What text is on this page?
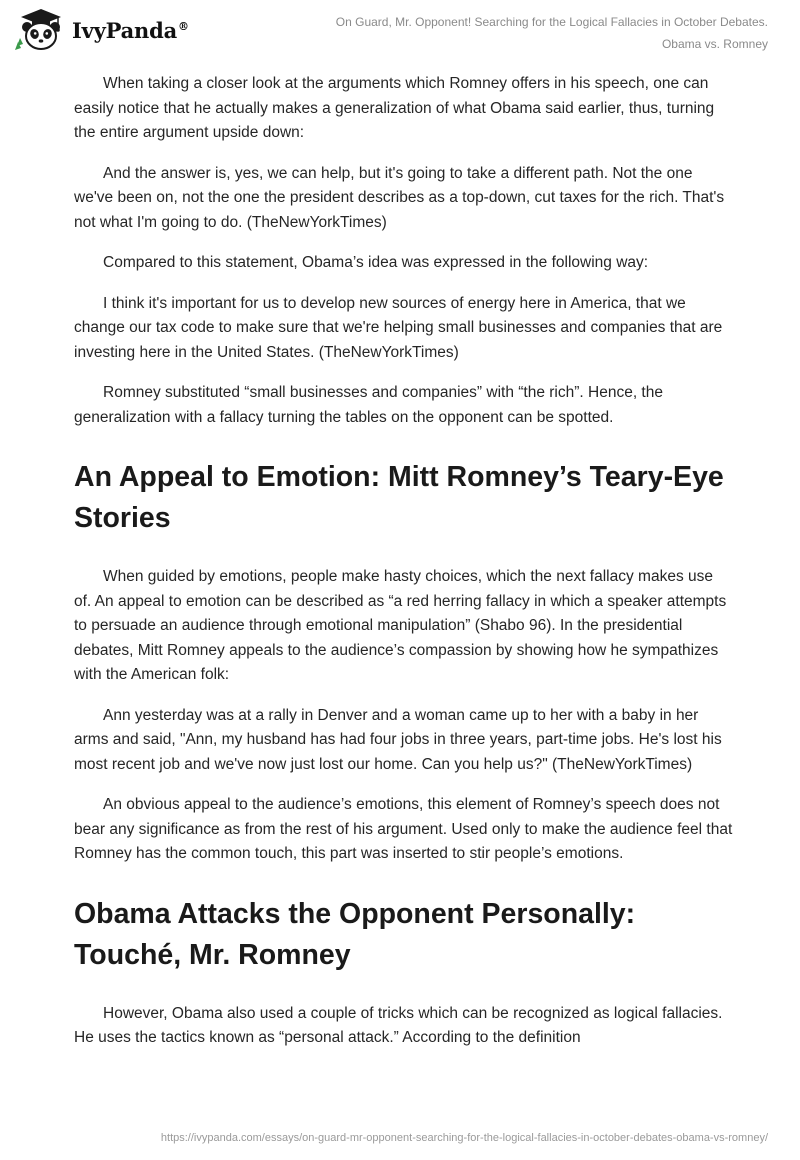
IvyPanda®	On Guard, Mr. Opponent! Searching for the Logical Fallacies in October Debates. Obama vs. Romney

When taking a closer look at the arguments which Romney offers in his speech, one can easily notice that he actually makes a generalization of what Obama said earlier, thus, turning the entire argument upside down:

And the answer is, yes, we can help, but it's going to take a different path. Not the one we've been on, not the one the president describes as a top-down, cut taxes for the rich. That's not what I'm going to do. (TheNewYorkTimes)

Compared to this statement, Obama’s idea was expressed in the following way:

I think it's important for us to develop new sources of energy here in America, that we change our tax code to make sure that we're helping small businesses and companies that are investing here in the United States. (TheNewYorkTimes)

Romney substituted “small businesses and companies” with “the rich”. Hence, the generalization with a fallacy turning the tables on the opponent can be spotted.

An Appeal to Emotion: Mitt Romney’s Teary-Eye Stories

When guided by emotions, people make hasty choices, which the next fallacy makes use of. An appeal to emotion can be described as “a red herring fallacy in which a speaker attempts to persuade an audience through emotional manipulation” (Shabo 96). In the presidential debates, Mitt Romney appeals to the audience’s compassion by showing how he sympathizes with the American folk:

Ann yesterday was at a rally in Denver and a woman came up to her with a baby in her arms and said, "Ann, my husband has had four jobs in three years, part-time jobs. He's lost his most recent job and we've now just lost our home. Can you help us?" (TheNewYorkTimes)

An obvious appeal to the audience’s emotions, this element of Romney’s speech does not bear any significance as from the rest of his argument. Used only to make the audience feel that Romney has the common touch, this part was inserted to stir people’s emotions.

Obama Attacks the Opponent Personally: Touché, Mr. Romney

However, Obama also used a couple of tricks which can be recognized as logical fallacies. He uses the tactics known as “personal attack.” According to the definition

https://ivypanda.com/essays/on-guard-mr-opponent-searching-for-the-logical-fallacies-in-october-debates-obama-vs-romney/
